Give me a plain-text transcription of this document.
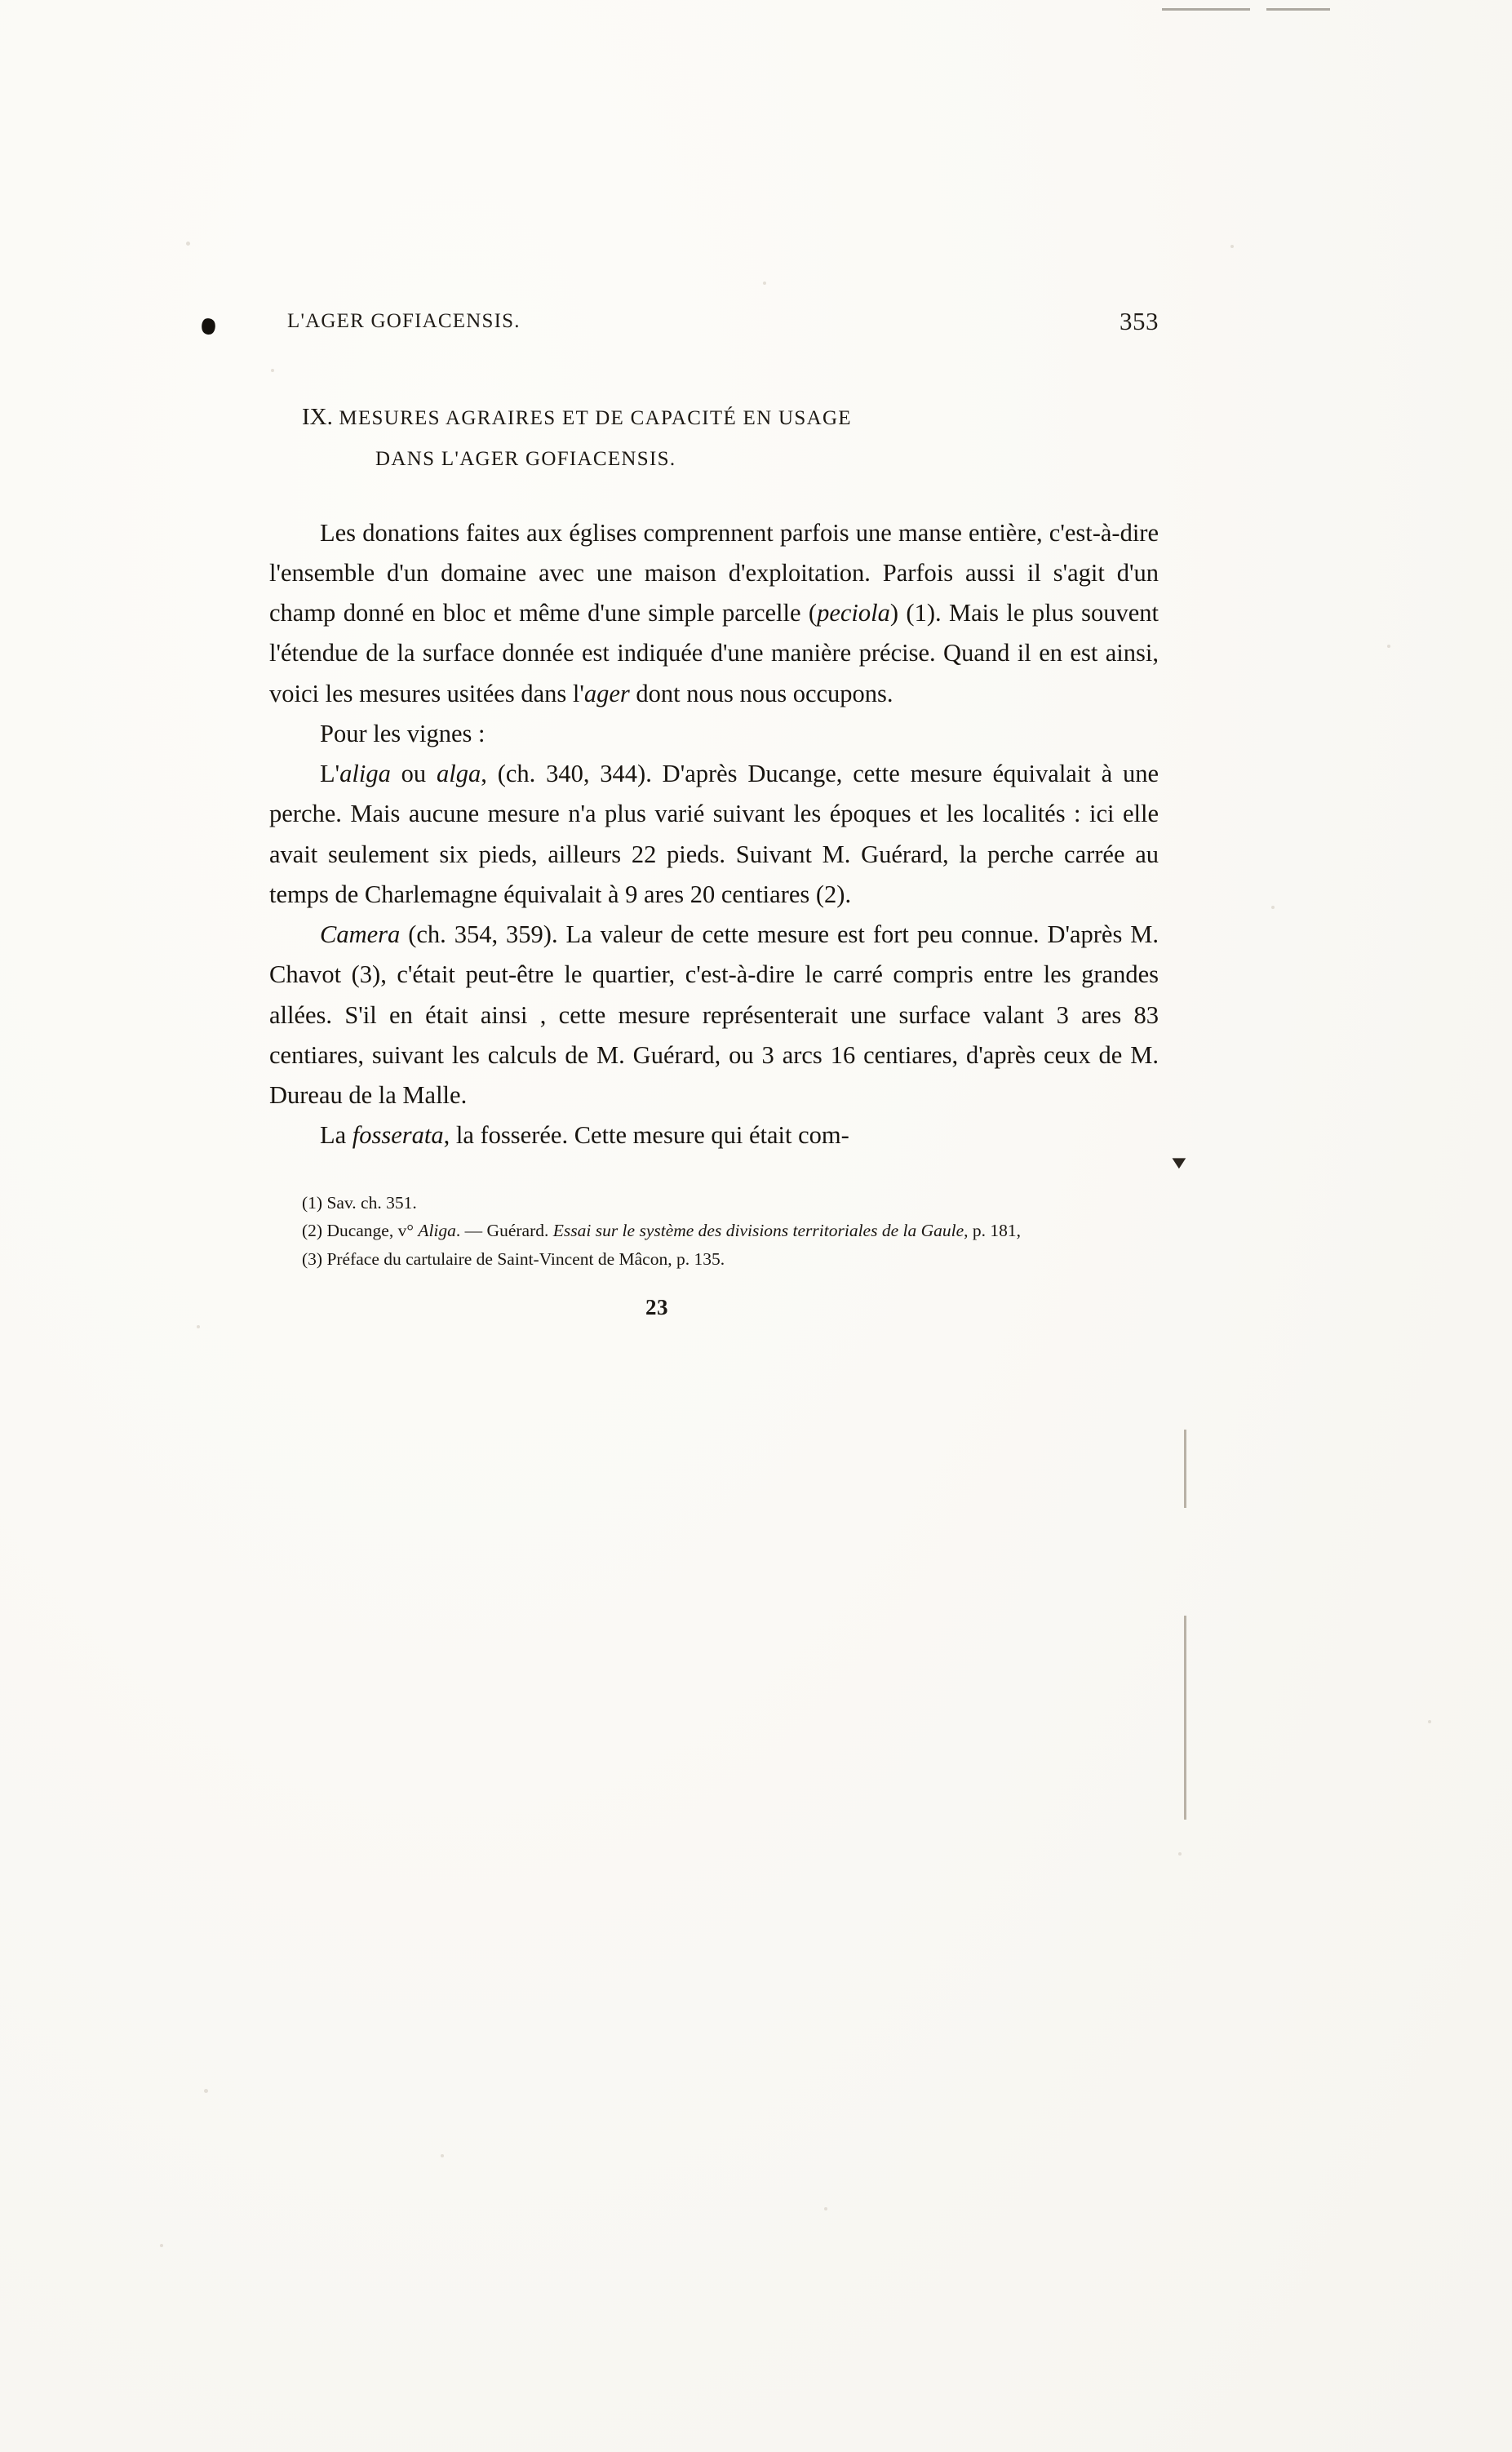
▼
L'AGER GOFIACENSIS.	353
IX. MESURES AGRAIRES ET DE CAPACITÉ EN USAGE
DANS L'AGER GOFIACENSIS.

Les donations faites aux églises comprennent parfois une manse entière, c'est-à-dire l'ensemble d'un domaine avec une maison d'exploitation. Parfois aussi il s'agit d'un champ donné en bloc et même d'une simple parcelle (peciola) (1). Mais le plus souvent l'étendue de la surface donnée est indiquée d'une manière précise. Quand il en est ainsi, voici les mesures usitées dans l'ager dont nous nous occupons.

Pour les vignes :

L'aliga ou alga, (ch. 340, 344). D'après Ducange, cette mesure équivalait à une perche. Mais aucune mesure n'a plus varié suivant les époques et les localités : ici elle avait seulement six pieds, ailleurs 22 pieds. Suivant M. Guérard, la perche carrée au temps de Charlemagne équivalait à 9 ares 20 centiares (2).

Camera (ch. 354, 359). La valeur de cette mesure est fort peu connue. D'après M. Chavot (3), c'était peut-être le quartier, c'est-à-dire le carré compris entre les grandes allées. S'il en était ainsi , cette mesure représenterait une surface valant 3 ares 83 centiares, suivant les calculs de M. Guérard, ou 3 arcs 16 centiares, d'après ceux de M. Dureau de la Malle.

La fosserata, la fosserée. Cette mesure qui était com-

(1) Sav. ch. 351.

(2) Ducange, v° Aliga. — Guérard. Essai sur le système des divisions territoriales de la Gaule, p. 181,

(3) Préface du cartulaire de Saint-Vincent de Mâcon, p. 135.

23
